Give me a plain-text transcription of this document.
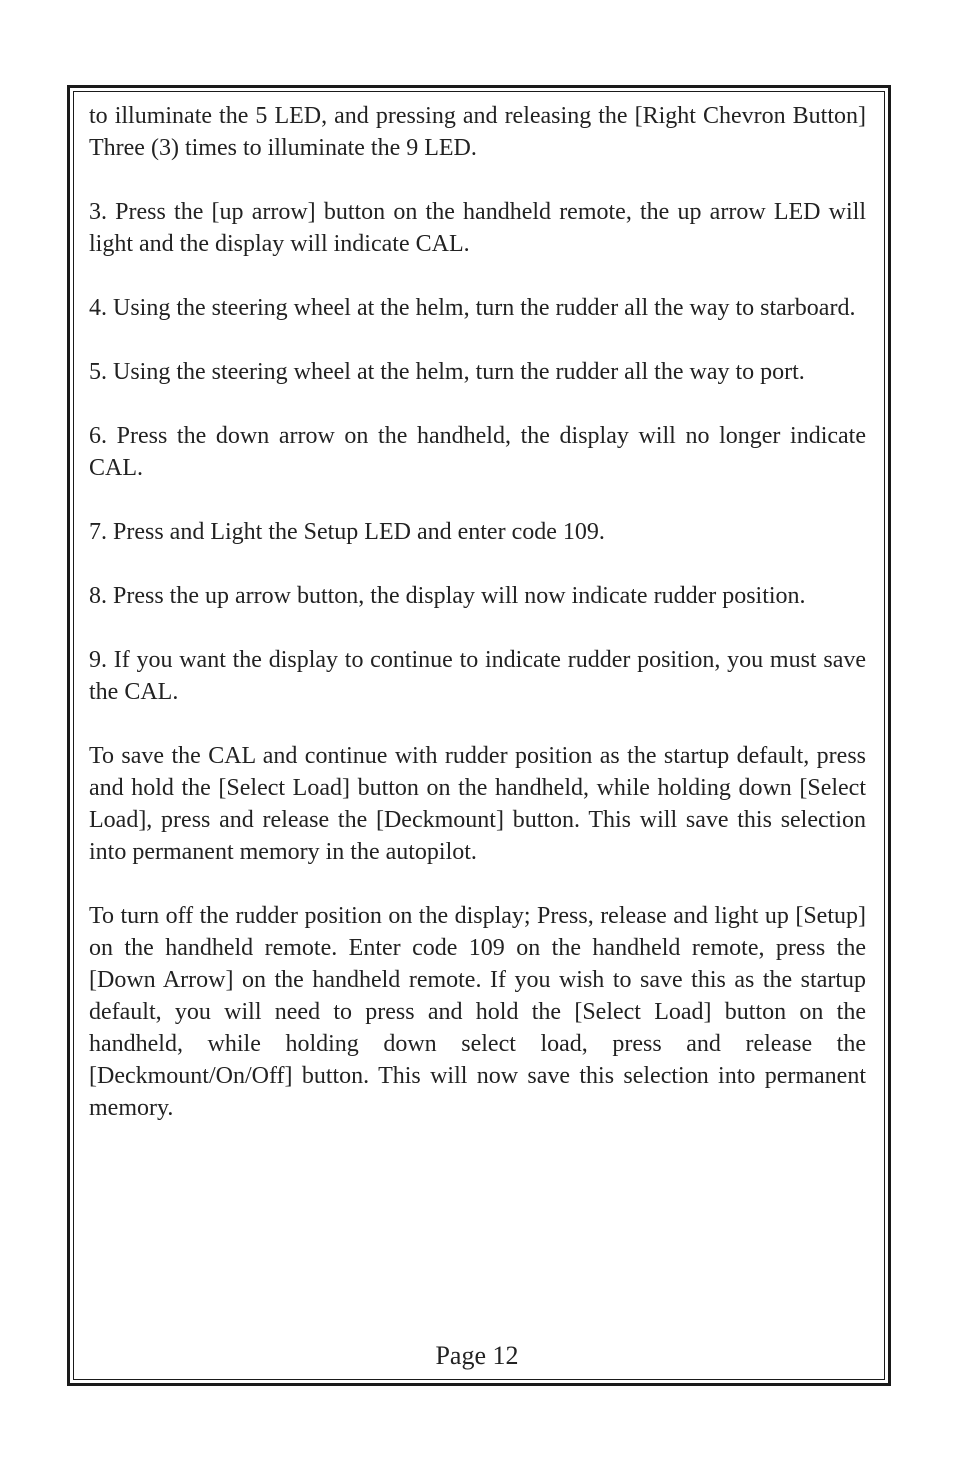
to illuminate the 5 LED, and pressing and releasing the [Right Chevron Button] Three (3) times to illuminate the 9 LED.

3. Press the [up arrow] button on the handheld remote, the up arrow LED will light and the display will indicate CAL.

4. Using the steering wheel at the helm, turn the rudder all the way to starboard.

5. Using the steering wheel at the helm, turn the rudder all the way to port.

6. Press the down arrow on the handheld, the display will no longer indicate CAL.

7. Press and Light the Setup LED and enter code 109.

8. Press the up arrow button, the display will now indicate rudder position.

9. If you want the display to continue to indicate rudder position, you must save the CAL.

To save the CAL and continue with rudder position as the startup default, press and hold the [Select Load] button on the handheld, while holding down [Select Load], press and release the [Deckmount] button. This will save this selection into permanent memory in the autopilot.

To turn off the rudder position on the display; Press, release and light up [Setup] on the handheld remote. Enter code 109 on the handheld remote, press the [Down Arrow] on the handheld remote. If you wish to save this as the startup default, you will need to press and hold the [Select Load] button on the handheld, while holding down select load, press and release the [Deckmount/On/Off] button. This will now save this selection into permanent memory.

Page 12
